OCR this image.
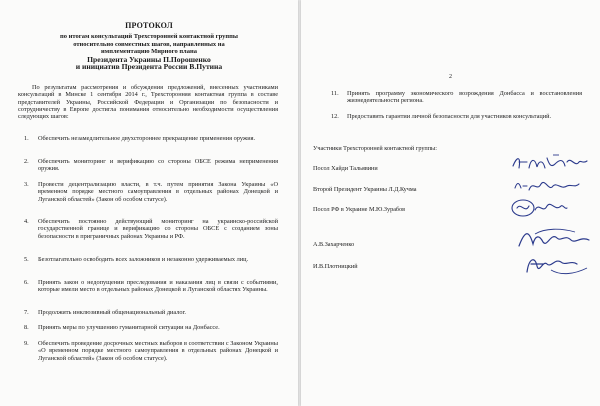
ПРОТОКОЛ
по итогам консультаций Трехсторонней контактной группы
относительно совместных шагов, направленных на
имплементацию Мирного плана
Президента Украины П.Порошенко
и инициатив Президента России В.Путина
По результатам рассмотрения и обсуждения предложений, внесенных участниками консультаций в Минске 1 сентября 2014 г., Трехсторонняя контактная группа в составе представителей Украины, Российской Федерации и Организации по безопасности и сотрудничеству в Европе достигла понимания относительно необходимости осуществления следующих шагов:
1. Обеспечить незамедлительное двухстороннее прекращение применения оружия.
2. Обеспечить мониторинг и верификацию со стороны ОБСЕ режима неприменения оружия.
3. Провести децентрализацию власти, в т.ч. путем принятия Закона Украины «О временном порядке местного самоуправления в отдельных районах Донецкой и Луганской областей» (Закон об особом статусе).
4. Обеспечить постоянно действующий мониторинг на украинско-российской государственной границе и верификацию со стороны ОБСЕ с созданием зоны безопасности в приграничных районах Украины и РФ.
5. Безотлагательно освободить всех заложников и незаконно удерживаемых лиц.
6. Принять закон о недопущении преследования и наказания лиц в связи с событиями, которые имели место в отдельных районах Донецкой и Луганской областях Украины.
7. Продолжить инклюзивный общенациональный диалог.
8. Принять меры по улучшению гуманитарной ситуации на Донбассе.
9. Обеспечить проведение досрочных местных выборов в соответствии с Законом Украины «О временном порядке местного самоуправления в отдельных районах Донецкой и Луганской областей» (Закон об особом статусе).
2
11. Принять программу экономического возрождения Донбасса и восстановления жизнедеятельности региона.
12. Предоставить гарантии личной безопасности для участников консультаций.
Участники Трехсторонней контактной группы:
Посол Хайди Тальявини
Второй Президент Украины Л.Д.Кучма
Посол РФ в Украине М.Ю.Зурабов
А.В.Захарченко
И.В.Плотницкий
